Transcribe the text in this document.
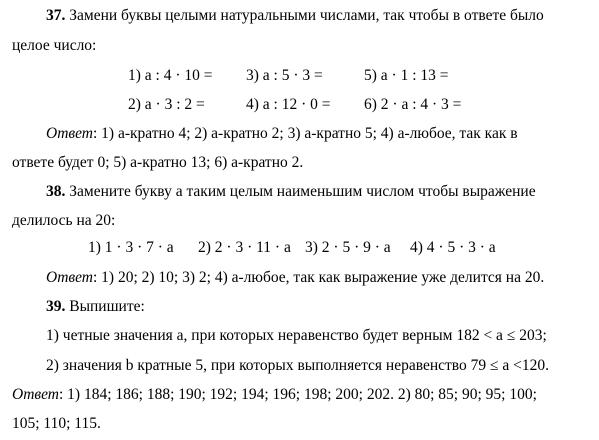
37. Замени буквы целыми натуральными числами, так чтобы в ответе было
целое число:
1) a : 4 · 10 = 3) a : 5 · 3 =	5) a · 1 : 13 =
2) a · 3 : 2 =	4) a : 12 · 0 = 6) 2 · a : 4 · 3 =
Ответ: 1) a-кратно 4; 2) a-кратно 2; 3) a-кратно 5; 4) a-любое, так как в
ответе будет 0; 5) a-кратно 13; 6) a-кратно 2.
38. Замените букву a таким целым наименьшим числом чтобы выражение
делилось на 20:
1) 1 · 3 · 7 · a 2) 2 · 3 · 11 · a 3) 2 · 5 · 9 · a 4) 4 · 5 · 3 · a
Ответ: 1) 20; 2) 10; 3) 2; 4) a-любое, так как выражение уже делится на 20.
39. Выпишите:
1) четные значения a, при которых неравенство будет верным 182 < a ≤ 203;
2) значения b кратные 5, при которых выполняется неравенство 79 ≤ a <120.
Ответ: 1) 184; 186; 188; 190; 192; 194; 196; 198; 200; 202. 2) 80; 85; 90; 95; 100;
105; 110; 115.
